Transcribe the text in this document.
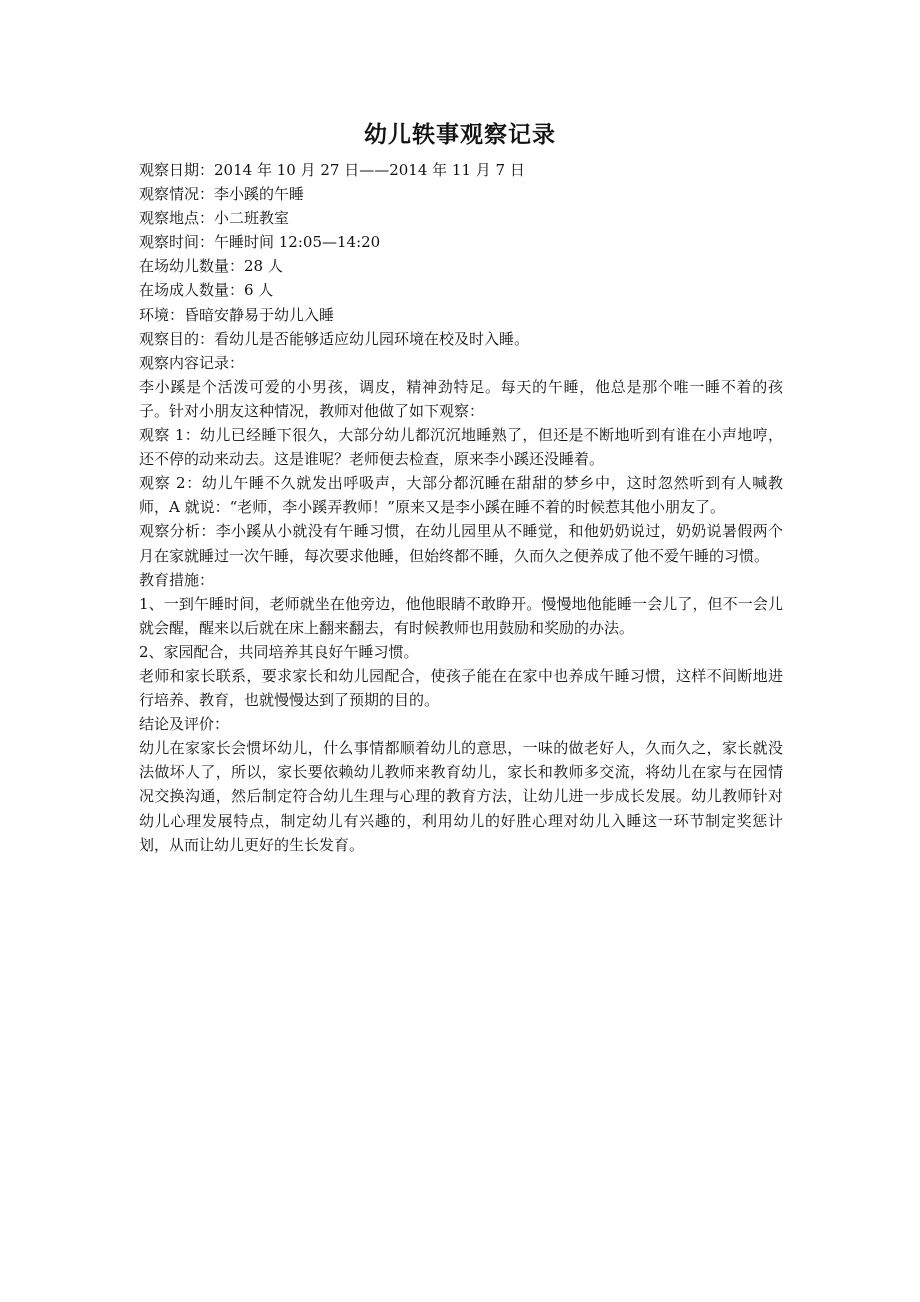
幼儿轶事观察记录

观察日期：2014 年 10 月 27 日——2014 年 11 月 7 日

观察情况：李小蹊的午睡

观察地点：小二班教室

观察时间：午睡时间 12:05—14:20

在场幼儿数量：28 人

在场成人数量：6 人

环境：昏暗安静易于幼儿入睡

观察目的：看幼儿是否能够适应幼儿园环境在校及时入睡。

观察内容记录：

李小蹊是个活泼可爱的小男孩，调皮，精神劲特足。每天的午睡，他总是那个唯一睡不着的孩子。针对小朋友这种情况，教师对他做了如下观察：

观察 1：幼儿已经睡下很久，大部分幼儿都沉沉地睡熟了，但还是不断地听到有谁在小声地哼，还不停的动来动去。这是谁呢？老师便去检查，原来李小蹊还没睡着。

观察 2：幼儿午睡不久就发出呼吸声，大部分都沉睡在甜甜的梦乡中，这时忽然听到有人喊教师，A 就说：“老师，李小蹊弄教师！”原来又是李小蹊在睡不着的时候惹其他小朋友了。

观察分析：李小蹊从小就没有午睡习惯，在幼儿园里从不睡觉，和他奶奶说过，奶奶说暑假两个月在家就睡过一次午睡，每次要求他睡，但始终都不睡，久而久之便养成了他不爱午睡的习惯。

教育措施：

1、一到午睡时间，老师就坐在他旁边，他他眼睛不敢睁开。慢慢地他能睡一会儿了，但不一会儿就会醒，醒来以后就在床上翻来翻去，有时候教师也用鼓励和奖励的办法。

2、家园配合，共同培养其良好午睡习惯。

老师和家长联系，要求家长和幼儿园配合，使孩子能在在家中也养成午睡习惯，这样不间断地进行培养、教育，也就慢慢达到了预期的目的。

结论及评价：

幼儿在家家长会惯坏幼儿，什么事情都顺着幼儿的意思，一味的做老好人，久而久之，家长就没法做坏人了，所以，家长要依赖幼儿教师来教育幼儿，家长和教师多交流，将幼儿在家与在园情况交换沟通，然后制定符合幼儿生理与心理的教育方法，让幼儿进一步成长发展。幼儿教师针对幼儿心理发展特点，制定幼儿有兴趣的，利用幼儿的好胜心理对幼儿入睡这一环节制定奖惩计划，从而让幼儿更好的生长发育。
